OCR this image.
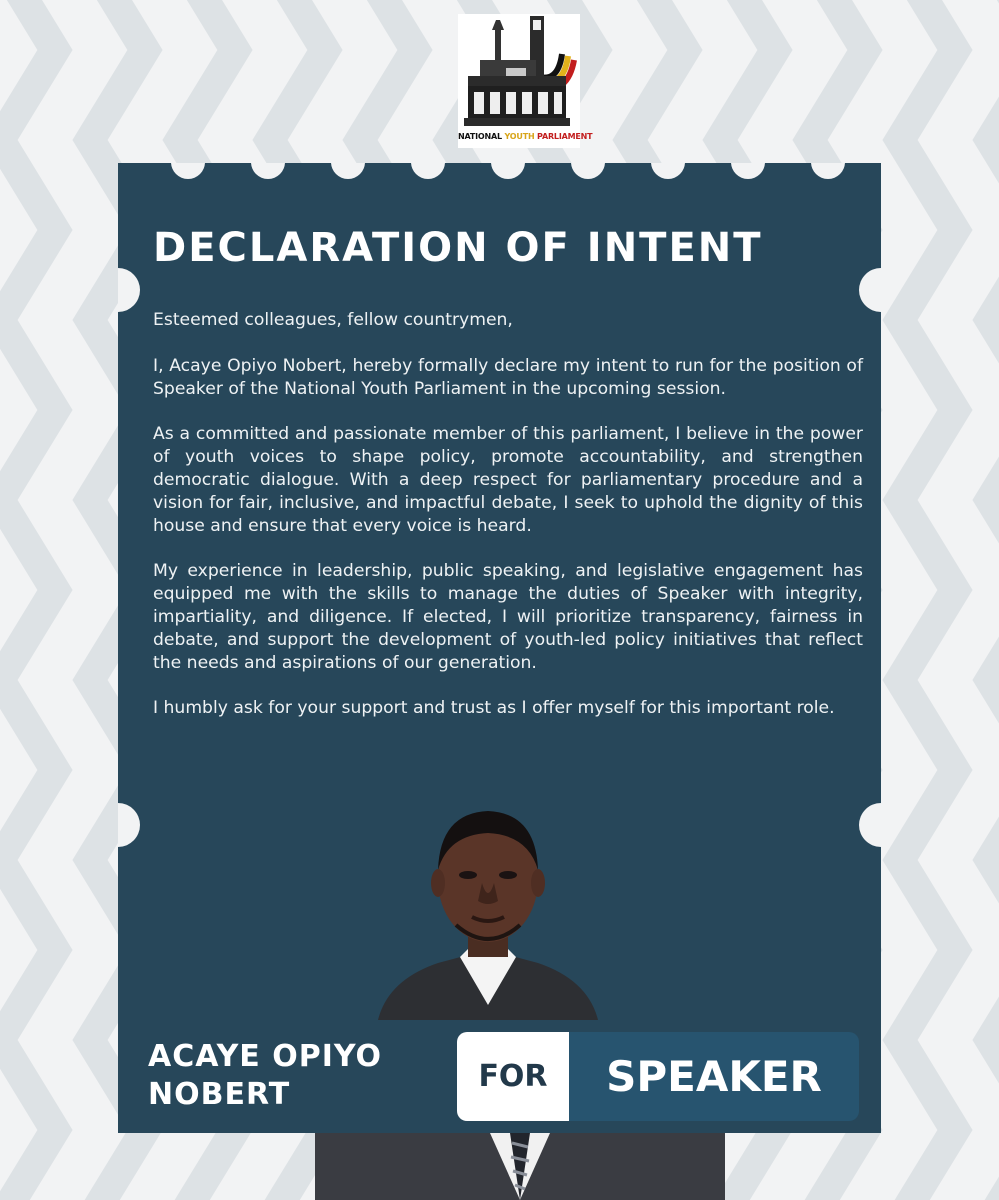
NATIONAL YOUTH PARLIAMENT
DECLARATION OF INTENT

Esteemed colleagues, fellow countrymen,

I, Acaye Opiyo Nobert, hereby formally declare my intent to run for the position of Speaker of the National Youth Parliament in the upcoming session.

As a committed and passionate member of this parliament, I believe in the power of youth voices to shape policy, promote accountability, and strengthen democratic dialogue. With a deep respect for parliamentary procedure and a vision for fair, inclusive, and impactful debate, I seek to uphold the dignity of this house and ensure that every voice is heard.

My experience in leadership, public speaking, and legislative engagement has equipped me with the skills to manage the duties of Speaker with integrity, impartiality, and diligence. If elected, I will prioritize transparency, fairness in debate, and support the development of youth-led policy initiatives that reflect the needs and aspirations of our generation.

I humbly ask for your support and trust as I offer myself for this important role.

ACAYE OPIYO
NOBERT
FOR	SPEAKER
